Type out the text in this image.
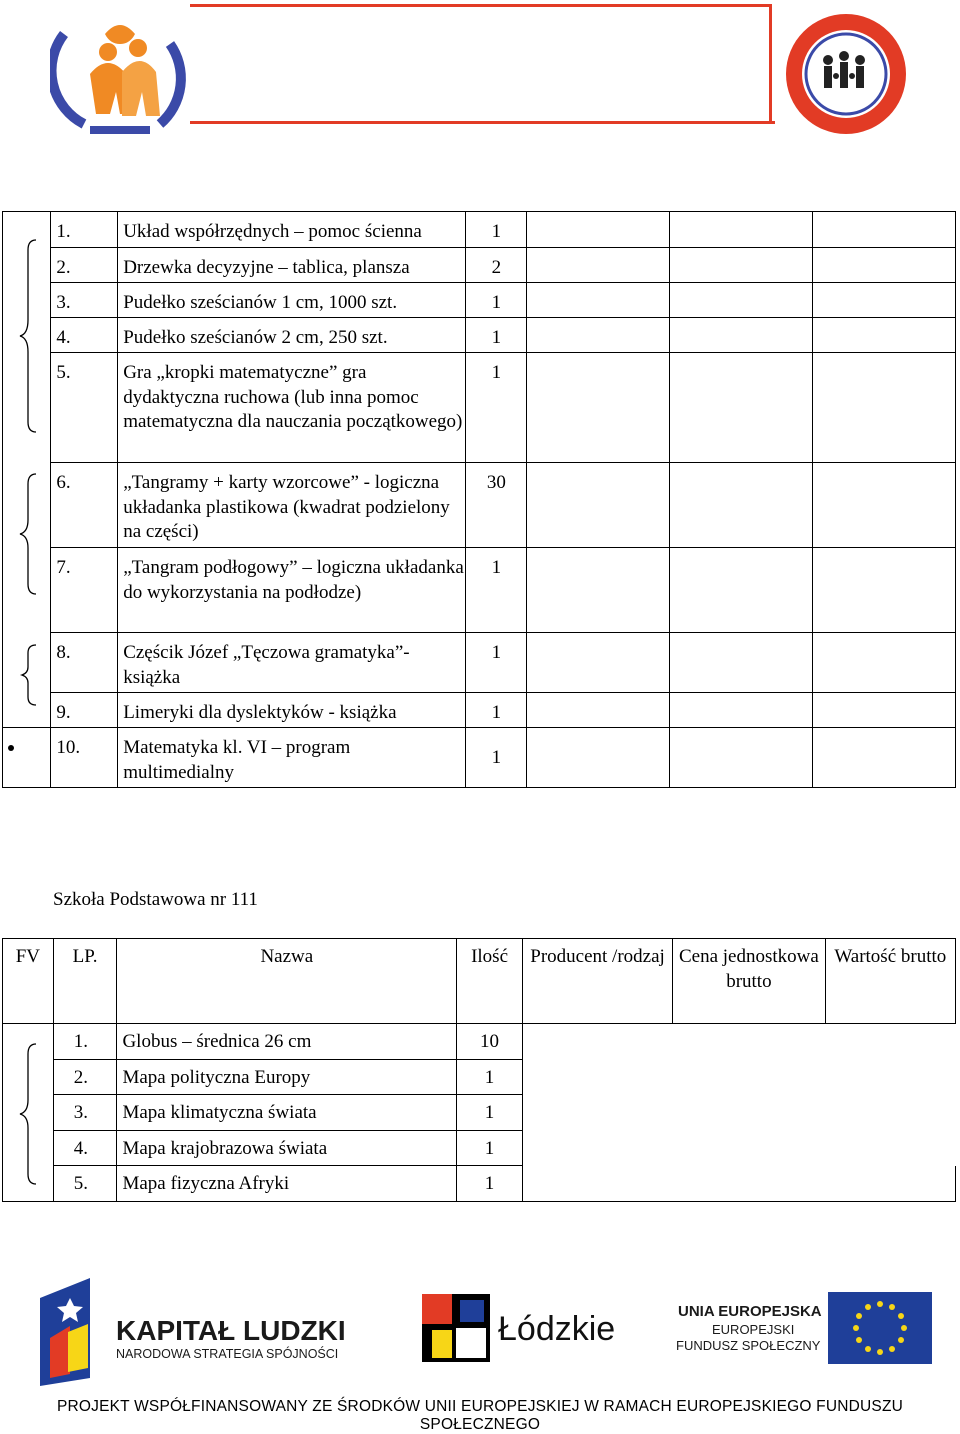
Projekt „Szkolna Akademia Innowacji i Odpowiedzialności”
realizowany jest przez Centrum Służby Rodzinie w Łodzi
93-162 Łódź, ul. Broniewskiego 1a,
Tel./faks 42 682-22-03, 42 682-55-12, 42 682-44-66
www.csr.org.pl/akademia, e-mail: akademia@csr.org.pl

	1.	Układ współrzędnych – pomoc ścienna	1			

	2.	Drzewka decyzyjne – tablica, plansza	2			

	3.	Pudełko sześcianów 1 cm, 1000 szt.	1			

	4.	Pudełko sześcianów 2 cm, 250 szt.	1			

	5.	Gra „kropki matematyczne” gra dydaktyczna ruchowa (lub inna pomoc matematyczna dla nauczania początkowego)	1			

	6.	„Tangramy + karty wzorcowe” - logiczna układanka plastikowa (kwadrat podzielony na części)	30			

	7.	„Tangram podłogowy” – logiczna układanka do wykorzystania na podłodze)	1			

	8.	Częścik Józef „Tęczowa gramatyka”- książka	1			

	9.	Limeryki dla dyslektyków - książka	1			

	10.	Matematyka kl. VI – program multimedialny	1			
Szkoła Podstawowa nr 111
FV	LP.	Nazwa	Ilość	Producent /rodzaj	Cena jednostkowa brutto	Wartość brutto
	1.	Globus – średnica 26 cm	10			
	2.	Mapa polityczna Europy	1			
	3.	Mapa klimatyczna świata	1			
	4.	Mapa krajobrazowa świata	1			
	5.	Mapa fizyczna Afryki	1			
KAPITAŁ LUDZKI
NARODOWA STRATEGIA SPÓJNOŚCI
Łódzkie	UNIA EUROPEJSKA
EUROPEJSKI
FUNDUSZ SPOŁECZNY
PROJEKT WSPÓŁFINANSOWANY ZE ŚRODKÓW UNII EUROPEJSKIEJ W RAMACH EUROPEJSKIEGO FUNDUSZU SPOŁECZNEGO
